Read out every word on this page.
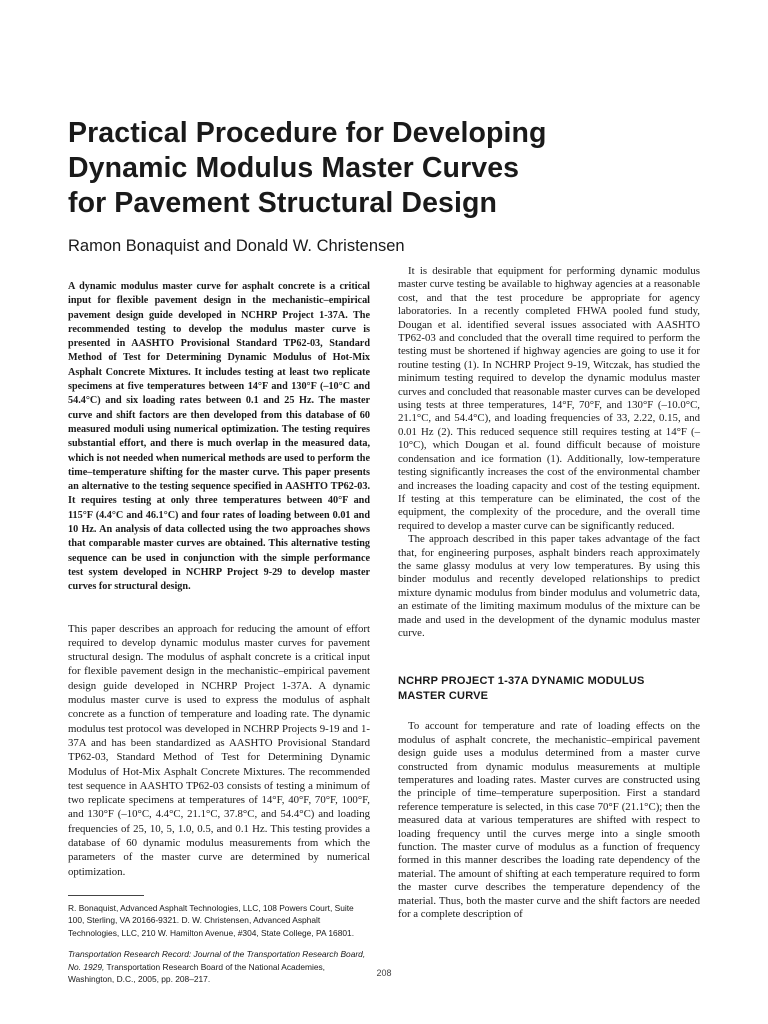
Practical Procedure for Developing
Dynamic Modulus Master Curves
for Pavement Structural Design
Ramon Bonaquist and Donald W. Christensen

A dynamic modulus master curve for asphalt concrete is a critical input for flexible pavement design in the mechanistic–empirical pavement design guide developed in NCHRP Project 1-37A. The recommended testing to develop the modulus master curve is presented in AASHTO Provisional Standard TP62-03, Standard Method of Test for Determining Dynamic Modulus of Hot-Mix Asphalt Concrete Mixtures. It includes testing at least two replicate specimens at five temperatures between 14°F and 130°F (–10°C and 54.4°C) and six loading rates between 0.1 and 25 Hz. The master curve and shift factors are then developed from this database of 60 measured moduli using numerical optimization. The testing requires substantial effort, and there is much overlap in the measured data, which is not needed when numerical methods are used to perform the time–temperature shifting for the master curve. This paper presents an alternative to the testing sequence specified in AASHTO TP62-03. It requires testing at only three temperatures between 40°F and 115°F (4.4°C and 46.1°C) and four rates of loading between 0.01 and 10 Hz. An analysis of data collected using the two approaches shows that comparable master curves are obtained. This alternative testing sequence can be used in conjunction with the simple performance test system developed in NCHRP Project 9-29 to develop master curves for structural design.

This paper describes an approach for reducing the amount of effort required to develop dynamic modulus master curves for pavement structural design. The modulus of asphalt concrete is a critical input for flexible pavement design in the mechanistic–empirical pavement design guide developed in NCHRP Project 1-37A. A dynamic modulus master curve is used to express the modulus of asphalt concrete as a function of temperature and loading rate. The dynamic modulus test protocol was developed in NCHRP Projects 9-19 and 1-37A and has been standardized as AASHTO Provisional Standard TP62-03, Standard Method of Test for Determining Dynamic Modulus of Hot-Mix Asphalt Concrete Mixtures. The recommended test sequence in AASHTO TP62-03 consists of testing a minimum of two replicate specimens at temperatures of 14°F, 40°F, 70°F, 100°F, and 130°F (–10°C, 4.4°C, 21.1°C, 37.8°C, and 54.4°C) and loading frequencies of 25, 10, 5, 1.0, 0.5, and 0.1 Hz. This testing provides a database of 60 dynamic modulus measurements from which the parameters of the master curve are determined by numerical optimization.

R. Bonaquist, Advanced Asphalt Technologies, LLC, 108 Powers Court, Suite 100, Sterling, VA 20166-9321. D. W. Christensen, Advanced Asphalt Technologies, LLC, 210 W. Hamilton Avenue, #304, State College, PA 16801.

Transportation Research Record: Journal of the Transportation Research Board, No. 1929, Transportation Research Board of the National Academies, Washington, D.C., 2005, pp. 208–217.

It is desirable that equipment for performing dynamic modulus master curve testing be available to highway agencies at a reasonable cost, and that the test procedure be appropriate for agency laboratories. In a recently completed FHWA pooled fund study, Dougan et al. identified several issues associated with AASHTO TP62-03 and concluded that the overall time required to perform the testing must be shortened if highway agencies are going to use it for routine testing (1). In NCHRP Project 9-19, Witczak, has studied the minimum testing required to develop the dynamic modulus master curves and concluded that reasonable master curves can be developed using tests at three temperatures, 14°F, 70°F, and 130°F (–10.0°C, 21.1°C, and 54.4°C), and loading frequencies of 33, 2.22, 0.15, and 0.01 Hz (2). This reduced sequence still requires testing at 14°F (–10°C), which Dougan et al. found difficult because of moisture condensation and ice formation (1). Additionally, low-temperature testing significantly increases the cost of the environmental chamber and increases the loading capacity and cost of the testing equipment. If testing at this temperature can be eliminated, the cost of the equipment, the complexity of the procedure, and the overall time required to develop a master curve can be significantly reduced.

The approach described in this paper takes advantage of the fact that, for engineering purposes, asphalt binders reach approximately the same glassy modulus at very low temperatures. By using this binder modulus and recently developed relationships to predict mixture dynamic modulus from binder modulus and volumetric data, an estimate of the limiting maximum modulus of the mixture can be made and used in the development of the dynamic modulus master curve.

NCHRP PROJECT 1-37A DYNAMIC MODULUS MASTER CURVE

To account for temperature and rate of loading effects on the modulus of asphalt concrete, the mechanistic–empirical pavement design guide uses a modulus determined from a master curve constructed from dynamic modulus measurements at multiple temperatures and loading rates. Master curves are constructed using the principle of time–temperature superposition. First a standard reference temperature is selected, in this case 70°F (21.1°C); then the measured data at various temperatures are shifted with respect to loading frequency until the curves merge into a single smooth function. The master curve of modulus as a function of frequency formed in this manner describes the loading rate dependency of the material. The amount of shifting at each temperature required to form the master curve describes the temperature dependency of the material. Thus, both the master curve and the shift factors are needed for a complete description of

208
